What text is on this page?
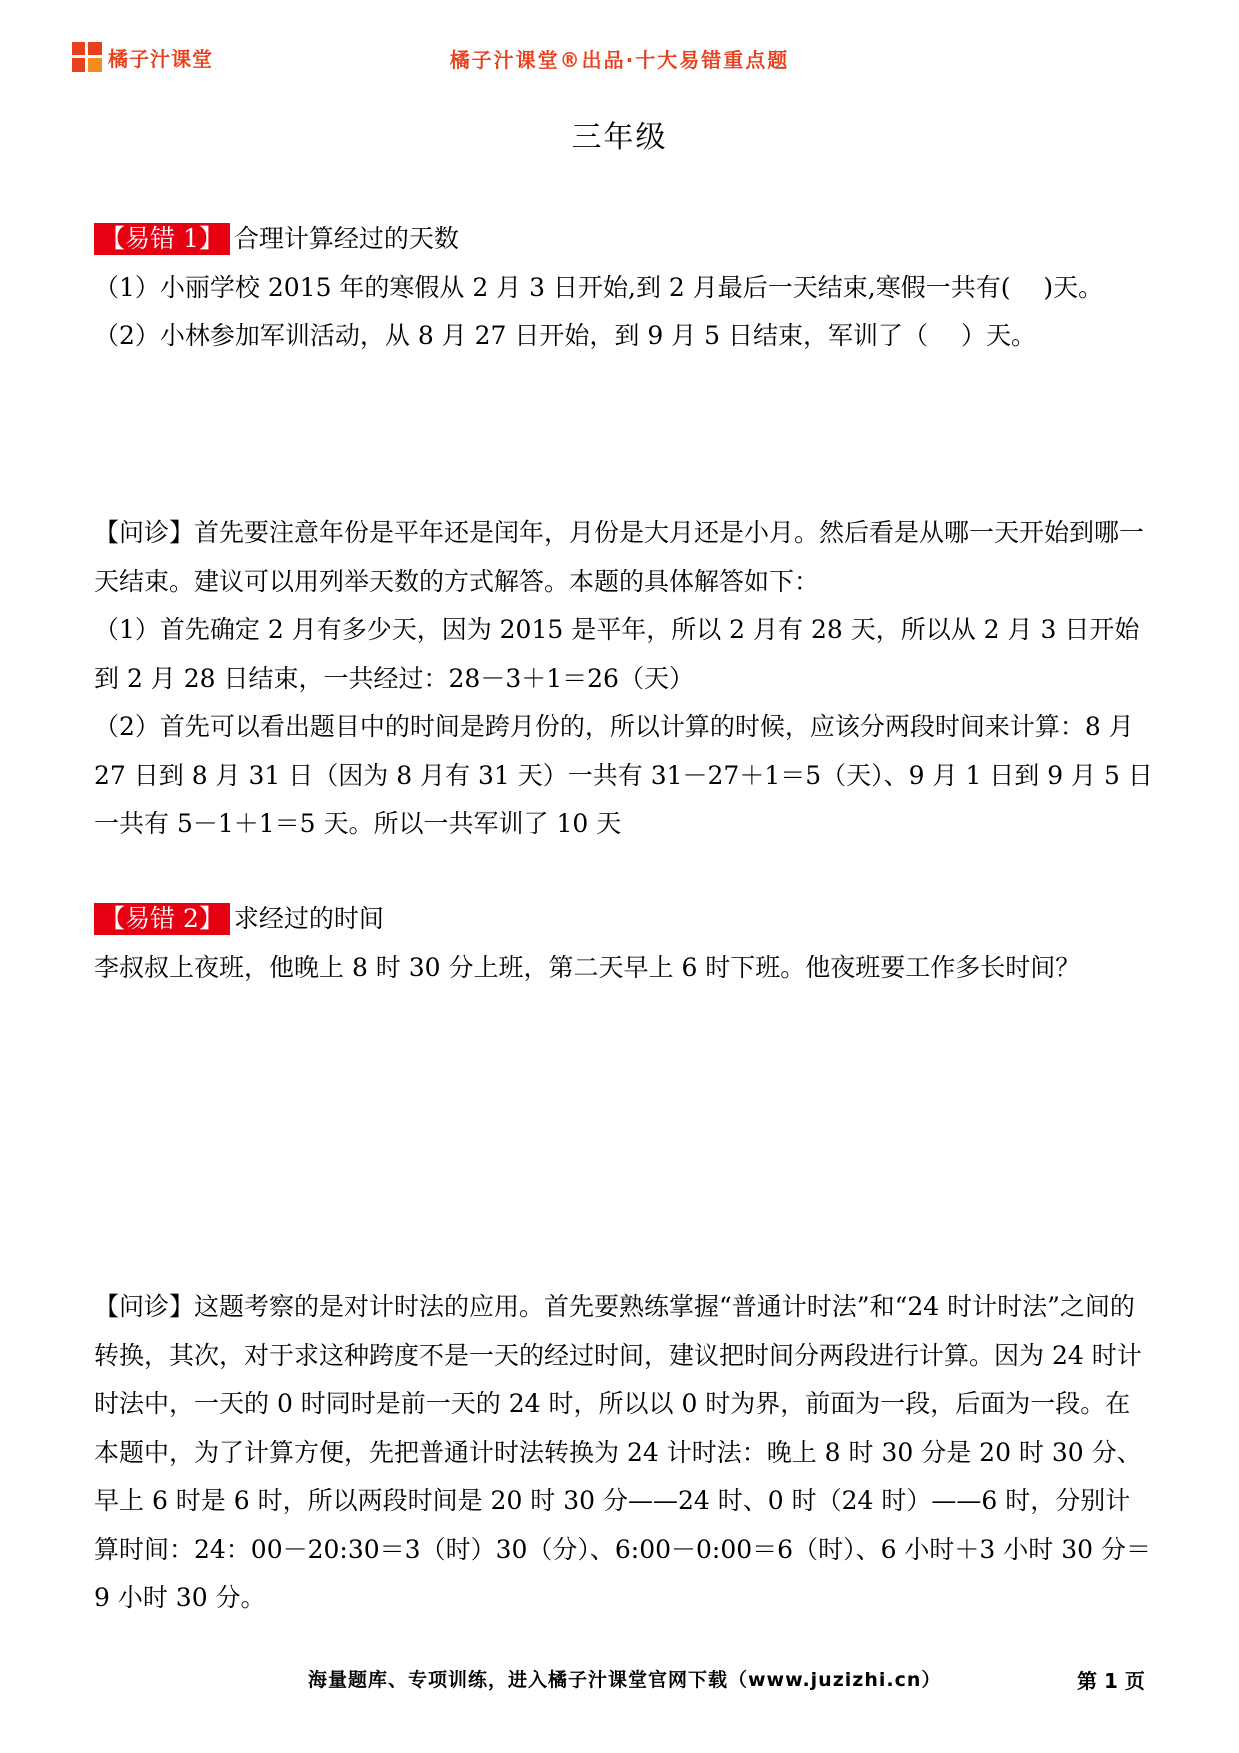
橘子汁课堂	橘子汁课堂®出品·十大易错重点题
三年级
【易错 1】 合理计算经过的天数
（1）小丽学校 2015 年的寒假从 2 月 3 日开始,到 2 月最后一天结束,寒假一共有(　 )天。
（2）小林参加军训活动，从 8 月 27 日开始，到 9 月 5 日结束，军训了（　 ）天。
【问诊】首先要注意年份是平年还是闰年，月份是大月还是小月。然后看是从哪一天开始到哪一天结束。建议可以用列举天数的方式解答。本题的具体解答如下：
（1）首先确定 2 月有多少天，因为 2015 是平年，所以 2 月有 28 天，所以从 2 月 3 日开始到 2 月 28 日结束，一共经过：28－3＋1＝26（天）
（2）首先可以看出题目中的时间是跨月份的，所以计算的时候，应该分两段时间来计算：8 月 27 日到 8 月 31 日（因为 8 月有 31 天）一共有 31－27＋1＝5（天）、9 月 1 日到 9 月 5 日一共有 5－1＋1＝5 天。所以一共军训了 10 天
【易错 2】 求经过的时间
李叔叔上夜班，他晚上 8 时 30 分上班，第二天早上 6 时下班。他夜班要工作多长时间？
【问诊】这题考察的是对计时法的应用。首先要熟练掌握“普通计时法”和“24 时计时法”之间的转换，其次，对于求这种跨度不是一天的经过时间，建议把时间分两段进行计算。因为 24 时计时法中，一天的 0 时同时是前一天的 24 时，所以以 0 时为界，前面为一段，后面为一段。在本题中，为了计算方便，先把普通计时法转换为 24 计时法：晚上 8 时 30 分是 20 时 30 分、早上 6 时是 6 时，所以两段时间是 20 时 30 分——24 时、0 时（24 时）——6 时，分别计算时间：24：00－20:30＝3（时）30（分）、6:00－0:00＝6（时）、6 小时＋3 小时 30 分＝9 小时 30 分。
海量题库、专项训练，进入橘子汁课堂官网下载（www.juzizhi.cn）	第 1 页
